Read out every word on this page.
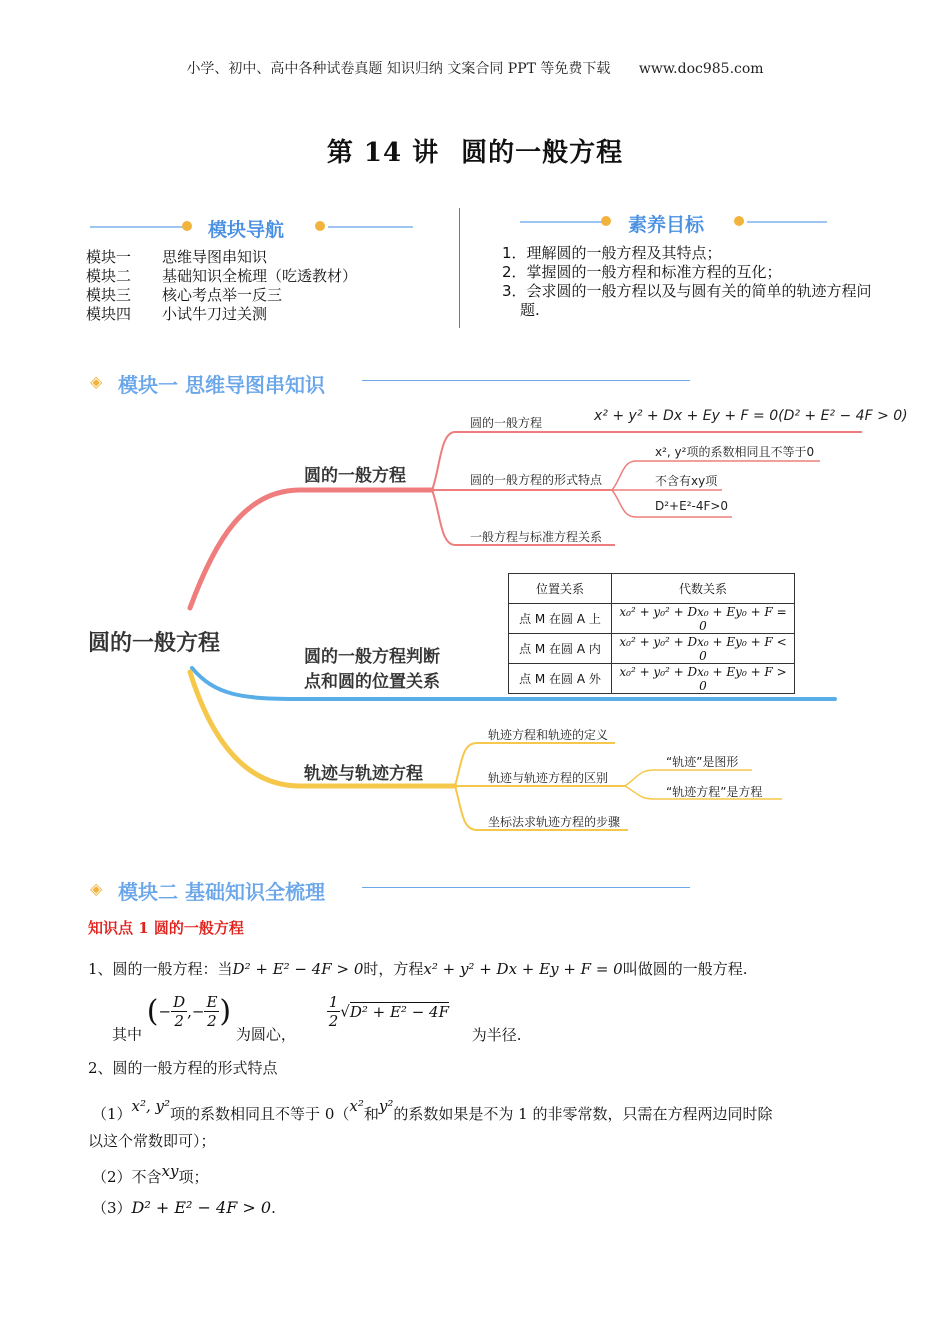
小学、初中、高中各种试卷真题 知识归纳 文案合同 PPT 等免费下载 www.doc985.com
第 14 讲 圆的一般方程
模块导航
模块一 思维导图串知识
模块二 基础知识全梳理（吃透教材）
模块三 核心考点举一反三
模块四 小试牛刀过关测
素养目标
1．理解圆的一般方程及其特点；
2．掌握圆的一般方程和标准方程的互化；
3．会求圆的一般方程以及与圆有关的简单的轨迹方程问题.
◈ 模块一 思维导图串知识
圆的一般方程
圆的一般方程
圆的一般方程	x² + y² + Dx + Ey + F = 0(D² + E² − 4F > 0)
圆的一般方程的形式特点
x², y²项的系数相同且不等于0
不含有xy项
D²+E²-4F>0
一般方程与标准方程关系
圆的一般方程判断
点和圆的位置关系
位置关系	代数关系
点 M 在圆 A 上	x₀² + y₀² + Dx₀ + Ey₀ + F = 0
点 M 在圆 A 内	x₀² + y₀² + Dx₀ + Ey₀ + F < 0
点 M 在圆 A 外	x₀² + y₀² + Dx₀ + Ey₀ + F > 0
轨迹与轨迹方程
轨迹方程和轨迹的定义
轨迹与轨迹方程的区别
“轨迹”是图形
“轨迹方程”是方程
坐标法求轨迹方程的步骤
◈ 模块二 基础知识全梳理
知识点 1 圆的一般方程
1、圆的一般方程：当D² + E² − 4F > 0时，方程x² + y² + Dx + Ey + F = 0叫做圆的一般方程.
其中 (− $\frac{D}{2}$ ,− $\frac{E}{2}$ ) 为圆心，
$\frac{1}{2} √D^2 + E^2 - 4F$ 为半径.
2、圆的一般方程的形式特点
（1）x², y²项的系数相同且不等于 0（x²和y²的系数如果是不为 1 的非零常数，只需在方程两边同时除
以这个常数即可）；
（2）不含xy项；
（3）D² + E² − 4F > 0.
